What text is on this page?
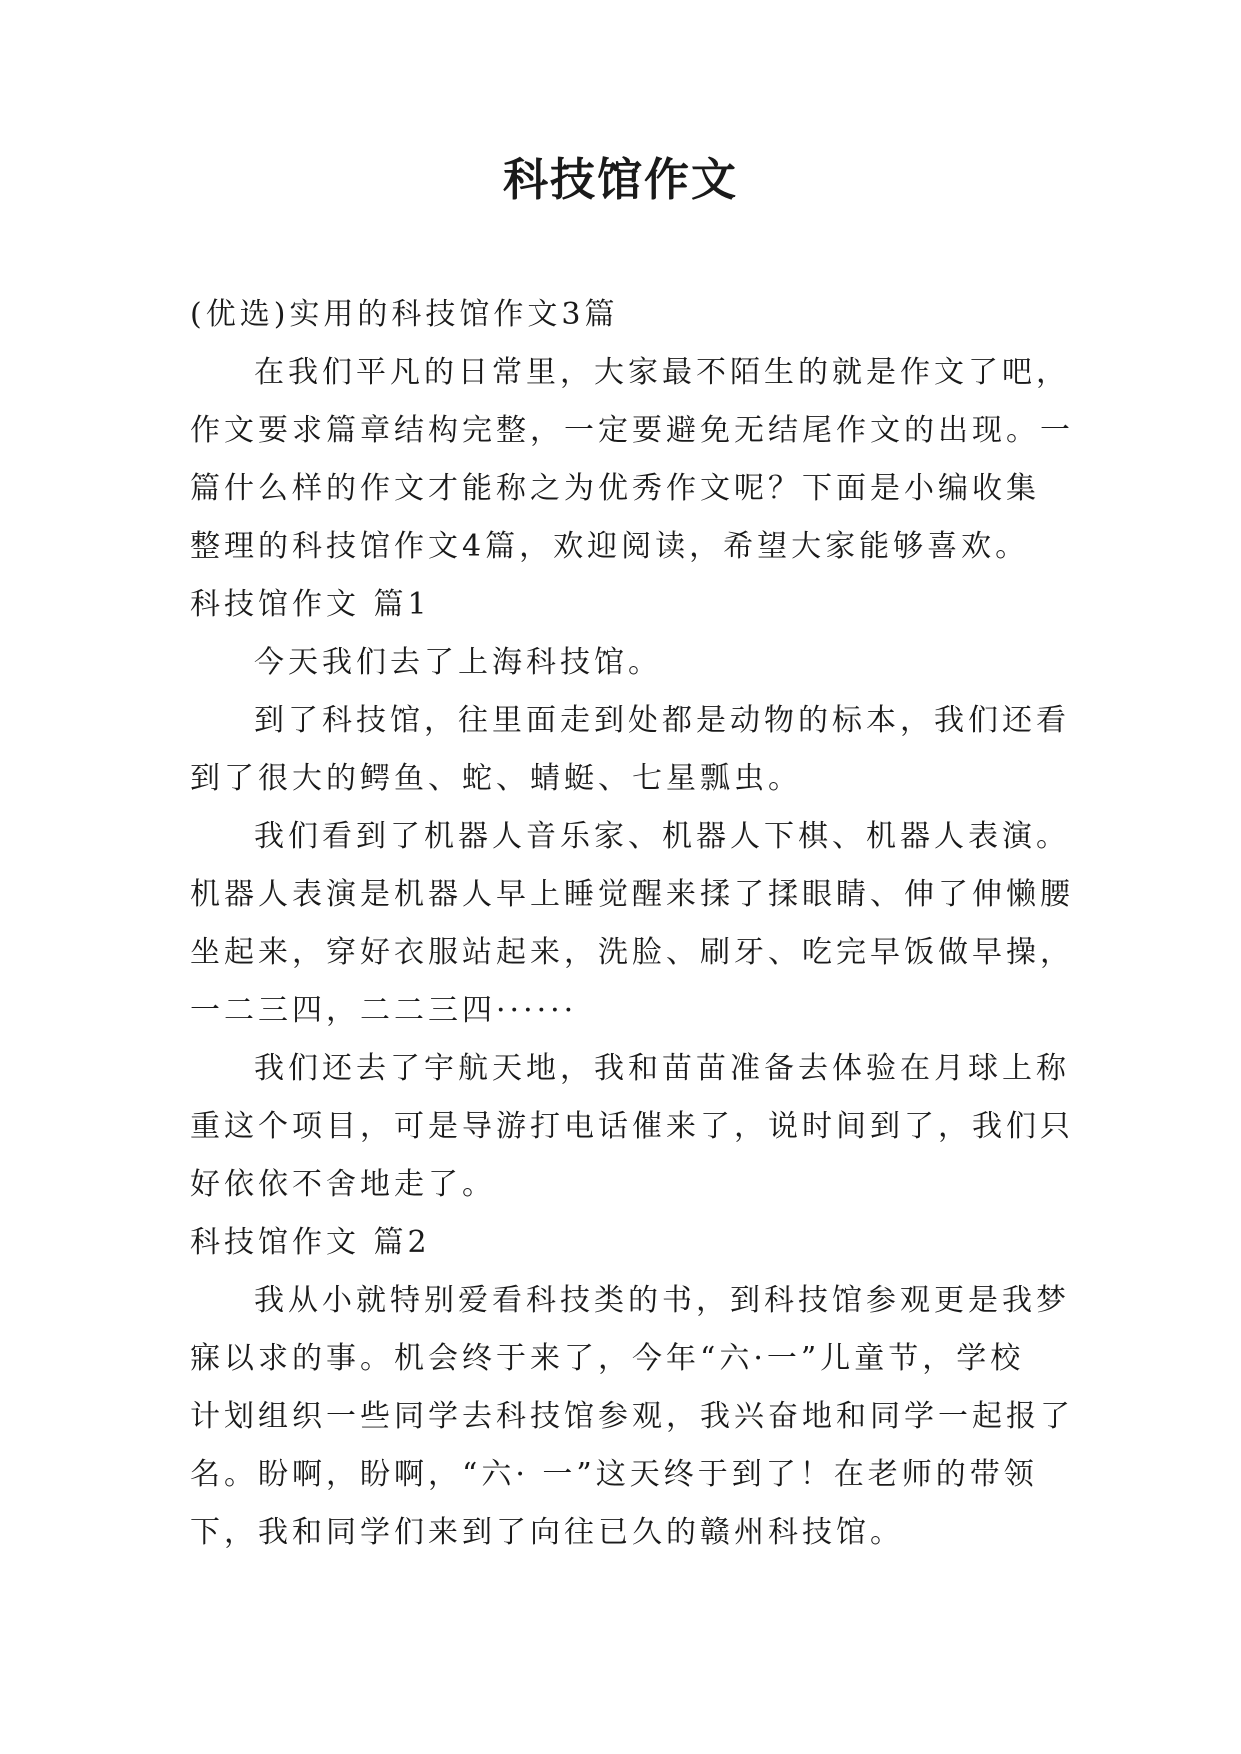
科技馆作文
(优选)实用的科技馆作文3篇
在我们平凡的日常里，大家最不陌生的就是作文了吧，
作文要求篇章结构完整，一定要避免无结尾作文的出现。一
篇什么样的作文才能称之为优秀作文呢？下面是小编收集
整理的科技馆作文4篇，欢迎阅读，希望大家能够喜欢。
科技馆作文 篇1
今天我们去了上海科技馆。
到了科技馆，往里面走到处都是动物的标本，我们还看
到了很大的鳄鱼、蛇、蜻蜓、七星瓢虫。
我们看到了机器人音乐家、机器人下棋、机器人表演。
机器人表演是机器人早上睡觉醒来揉了揉眼睛、伸了伸懒腰
坐起来，穿好衣服站起来，洗脸、刷牙、吃完早饭做早操，
一二三四，二二三四······
我们还去了宇航天地，我和苗苗准备去体验在月球上称
重这个项目，可是导游打电话催来了，说时间到了，我们只
好依依不舍地走了。
科技馆作文 篇2
我从小就特别爱看科技类的书，到科技馆参观更是我梦
寐以求的事。机会终于来了，今年“六·一”儿童节，学校
计划组织一些同学去科技馆参观，我兴奋地和同学一起报了
名。盼啊，盼啊，“六· 一”这天终于到了！在老师的带领
下，我和同学们来到了向往已久的赣州科技馆。
